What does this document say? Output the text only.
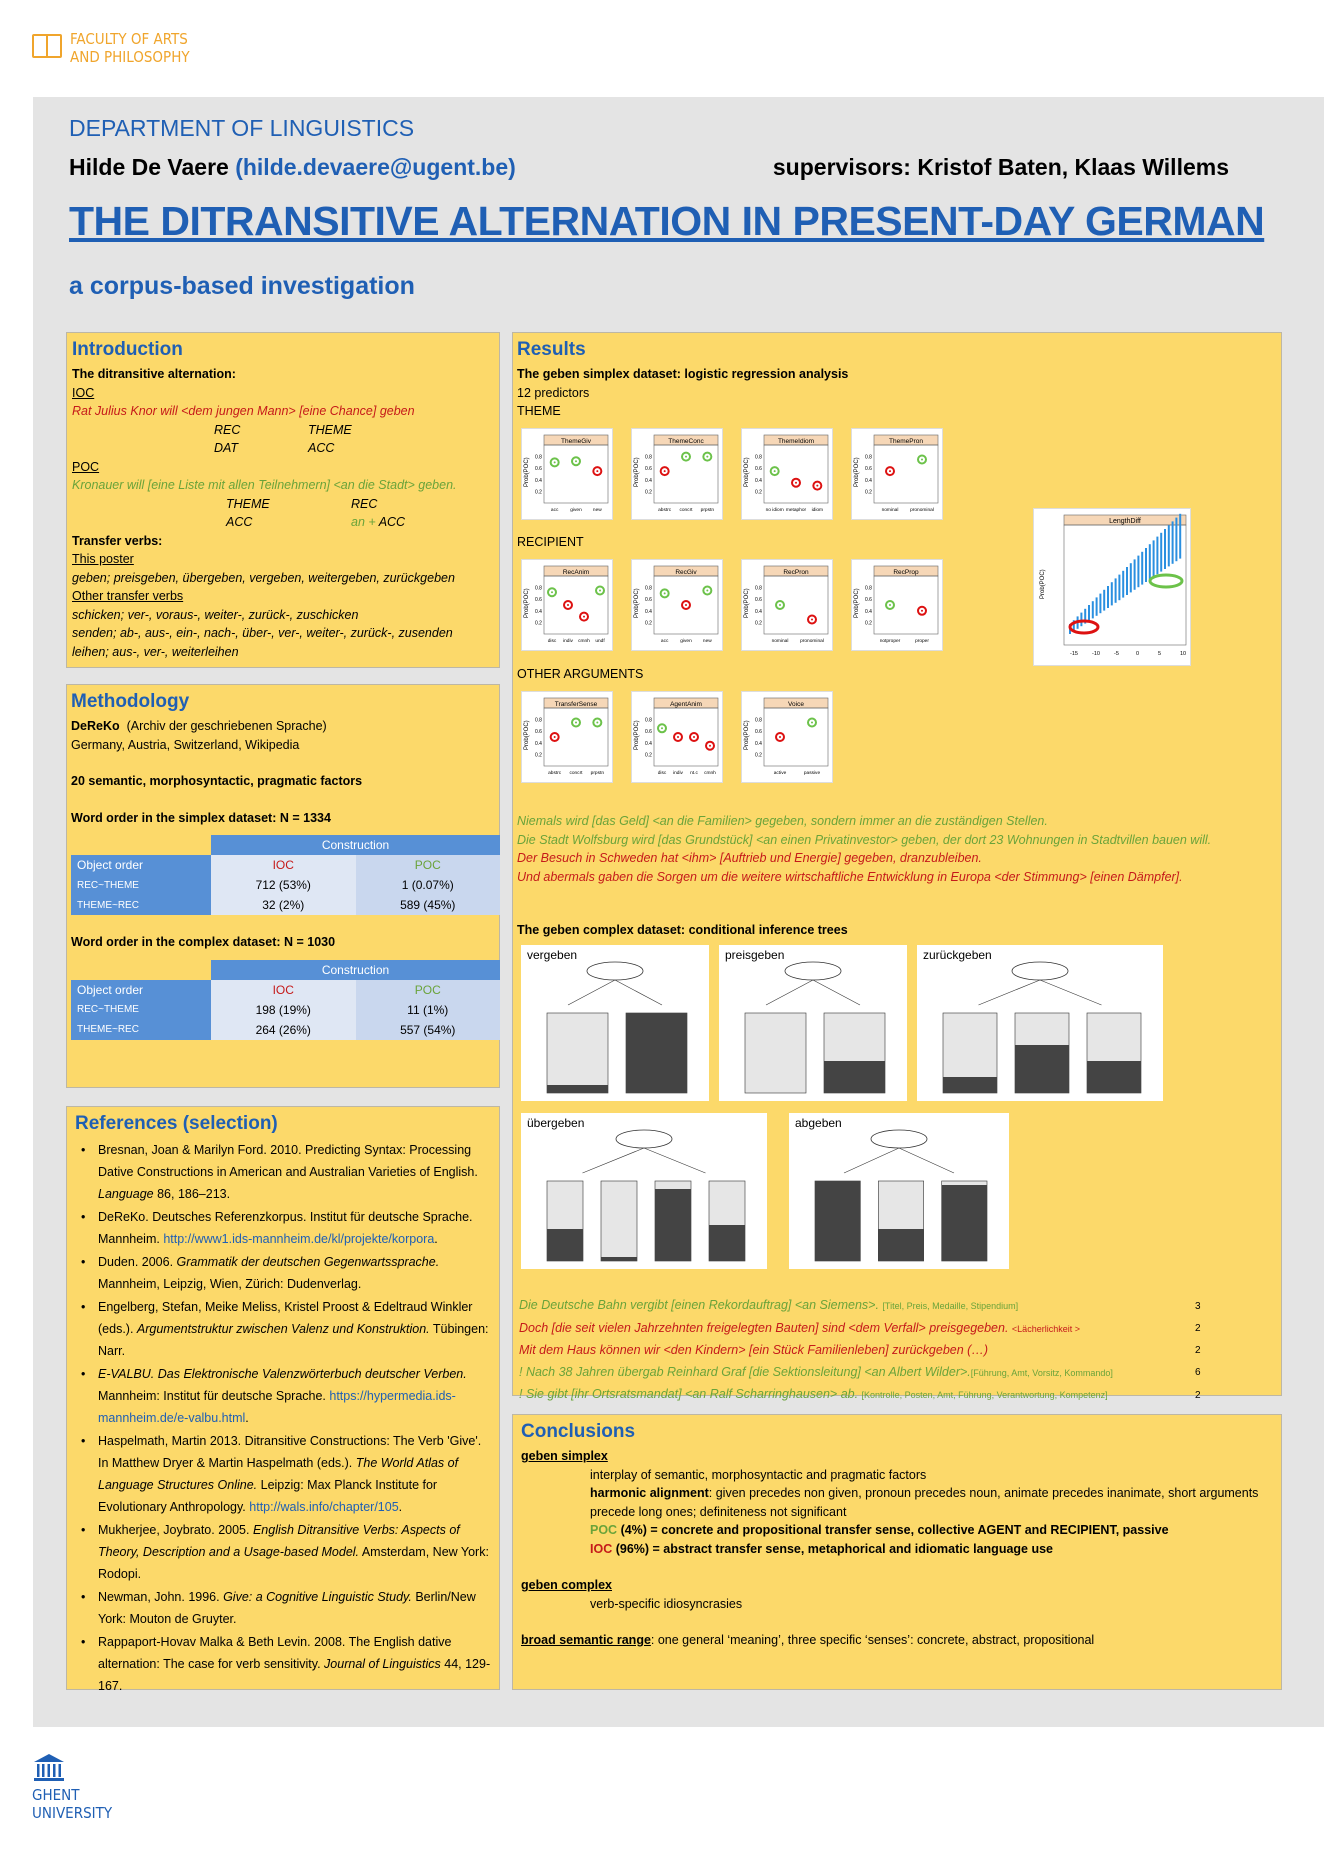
FACULTY OF ARTS
AND PHILOSOPHY
DEPARTMENT OF LINGUISTICS
Hilde De Vaere (hilde.devaere@ugent.be)	supervisors: Kristof Baten, Klaas Willems
THE DITRANSITIVE ALTERNATION IN PRESENT-DAY GERMAN
a corpus-based investigation
Introduction
The ditransitive alternation:
IOC
Rat Julius Knor will <dem jungen Mann> [eine Chance] geben
REC	THEME
DAT	ACC
POC
Kronauer will [eine Liste mit allen Teilnehmern] <an die Stadt> geben.
THEME	REC
ACC	an + ACC
Transfer verbs:
This poster
geben; preisgeben, übergeben, vergeben, weitergeben, zurückgeben
Other transfer verbs
schicken; ver-, voraus-, weiter-, zurück-, zuschicken
senden; ab-, aus-, ein-, nach-, über-, ver-, weiter-, zurück-, zusenden
leihen; aus-, ver-, weiterleihen
Methodology
DeReKo (Archiv der geschriebenen Sprache)
Germany, Austria, Switzerland, Wikipedia
20 semantic, morphosyntactic, pragmatic factors
Word order in the simplex dataset: N = 1334
	Construction	
Object order	IOC	POC
REC~THEME	712 (53%)	1 (0.07%)
THEME~REC	32 (2%)	589 (45%)
Word order in the complex dataset: N = 1030
	Construction	
Object order	IOC	POC
REC~THEME	198 (19%)	11 (1%)
THEME~REC	264 (26%)	557 (54%)
References (selection)
• Bresnan, Joan & Marilyn Ford. 2010. Predicting Syntax: Processing Dative Constructions in American and Australian Varieties of English. Language 86, 186–213.
• DeReKo. Deutsches Referenzkorpus. Institut für deutsche Sprache. Mannheim. http://www1.ids-mannheim.de/kl/projekte/korpora.
• Duden. 2006. Grammatik der deutschen Gegenwartssprache. Mannheim, Leipzig, Wien, Zürich: Dudenverlag.
• Engelberg, Stefan, Meike Meliss, Kristel Proost & Edeltraud Winkler (eds.). Argumentstruktur zwischen Valenz und Konstruktion. Tübingen: Narr.
• E-VALBU. Das Elektronische Valenzwörterbuch deutscher Verben. Mannheim: Institut für deutsche Sprache. https://hypermedia.ids-mannheim.de/e-valbu.html.
• Haspelmath, Martin 2013. Ditransitive Constructions: The Verb 'Give'. In Matthew Dryer & Martin Haspelmath (eds.). The World Atlas of Language Structures Online. Leipzig: Max Planck Institute for Evolutionary Anthropology. http://wals.info/chapter/105.
• Mukherjee, Joybrato. 2005. English Ditransitive Verbs: Aspects of Theory, Description and a Usage-based Model. Amsterdam, New York: Rodopi.
• Newman, John. 1996. Give: a Cognitive Linguistic Study. Berlin/New York: Mouton de Gruyter.
• Rappaport-Hovav Malka & Beth Levin. 2008. The English dative alternation: The case for verb sensitivity. Journal of Linguistics 44, 129-167.
Results
The geben simplex dataset: logistic regression analysis
12 predictors
THEME
RECIPIENT
OTHER ARGUMENTS
ThemeGiv
Prob(POC) 0.8
0.6
0.4
0.2
acc given new
ThemeConc
Prob(POC) 0.8
0.6
0.4
0.2
abstrc concrt prpstn
ThemeIdiom
Prob(POC) 0.8
0.6
0.4
0.2
no idiom metaphor idiom
ThemePron
Prob(POC) 0.8
0.6
0.4
0.2
nominal pronominal
RecAnim
Prob(POC) 0.8
0.6
0.4
0.2
disc indiv cmnh undf
RecGiv
Prob(POC) 0.8
0.6
0.4
0.2
acc given new
RecPron
Prob(POC) 0.8
0.6
0.4
0.2
nominal pronominal
RecProp
Prob(POC) 0.8
0.6
0.4
0.2
notproper	proper
TransferSense
Prob(POC) 0.8
0.6
0.4
0.2
abstrc concrt prpstn
AgentAnim
Prob(POC) 0.8
0.6
0.4
0.2
disc indiv nt.c cmnh
Voice
Prob(POC) 0.8
0.6
0.4
0.2
active	passive
LengthDiff
Prob(POC)
-15	-10	-5	0	5	10
Niemals wird [das Geld] <an die Familien> gegeben, sondern immer an die zuständigen Stellen.
Die Stadt Wolfsburg wird [das Grundstück] <an einen Privatinvestor> geben, der dort 23 Wohnungen in Stadtvillen bauen will.
Der Besuch in Schweden hat <ihm> [Auftrieb und Energie] gegeben, dranzubleiben.
Und abermals gaben die Sorgen um die weitere wirtschaftliche Entwicklung in Europa <der Stimmung> [einen Dämpfer].
The geben complex dataset: conditional inference trees
vergeben	preisgeben	zurückgeben
übergeben	abgeben
Die Deutsche Bahn vergibt [einen Rekordauftrag] <an Siemens>. [Titel, Preis, Medaille, Stipendium]	3
Doch [die seit vielen Jahrzehnten freigelegten Bauten] sind <dem Verfall> preisgegeben. <Lächerlichkeit >	2
Mit dem Haus können wir <den Kindern> [ein Stück Familienleben] zurückgeben (…)	2
! Nach 38 Jahren übergab Reinhard Graf [die Sektionsleitung] <an Albert Wilder>.[Führung, Amt, Vorsitz, Kommando]	6
! Sie gibt [ihr Ortsratsmandat] <an Ralf Scharringhausen> ab. [Kontrolle, Posten, Amt, Führung, Verantwortung, Kompetenz]	2
Conclusions
geben simplex
interplay of semantic, morphosyntactic and pragmatic factors
harmonic alignment: given precedes non given, pronoun precedes noun, animate precedes inanimate, short arguments precede long ones; definiteness not significant
POC (4%) = concrete and propositional transfer sense, collective AGENT and RECIPIENT, passive
IOC (96%) = abstract transfer sense, metaphorical and idiomatic language use
geben complex
verb-specific idiosyncrasies
broad semantic range: one general ‘meaning’, three specific ‘senses’: concrete, abstract, propositional
GHENT
UNIVERSITY
